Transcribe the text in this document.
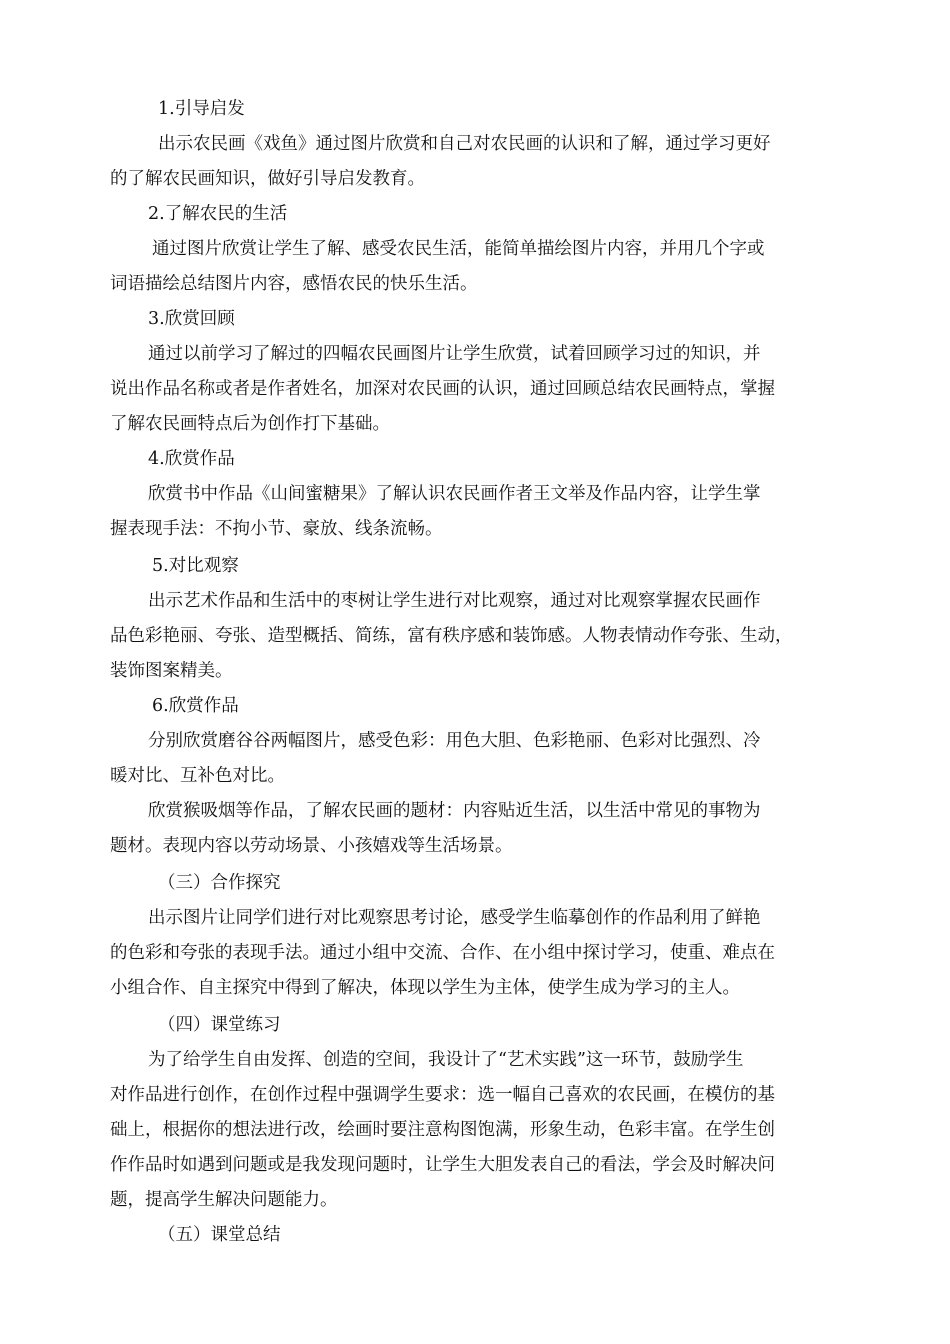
1.引导启发
出示农民画《戏鱼》通过图片欣赏和自己对农民画的认识和了解，通过学习更好
的了解农民画知识，做好引导启发教育。
2.了解农民的生活
通过图片欣赏让学生了解、感受农民生活，能简单描绘图片内容，并用几个字或
词语描绘总结图片内容，感悟农民的快乐生活。
3.欣赏回顾
通过以前学习了解过的四幅农民画图片让学生欣赏，试着回顾学习过的知识，并
说出作品名称或者是作者姓名，加深对农民画的认识，通过回顾总结农民画特点，掌握
了解农民画特点后为创作打下基础。
4.欣赏作品
欣赏书中作品《山间蜜糖果》了解认识农民画作者王文举及作品内容，让学生掌
握表现手法：不拘小节、豪放、线条流畅。
5.对比观察
出示艺术作品和生活中的枣树让学生进行对比观察，通过对比观察掌握农民画作
品色彩艳丽、夸张、造型概括、简练，富有秩序感和装饰感。人物表情动作夸张、生动，
装饰图案精美。
6.欣赏作品
分别欣赏磨谷谷两幅图片，感受色彩：用色大胆、色彩艳丽、色彩对比强烈、冷
暖对比、互补色对比。
欣赏猴吸烟等作品，了解农民画的题材：内容贴近生活，以生活中常见的事物为
题材。表现内容以劳动场景、小孩嬉戏等生活场景。
（三）合作探究
出示图片让同学们进行对比观察思考讨论，感受学生临摹创作的作品利用了鲜艳
的色彩和夸张的表现手法。通过小组中交流、合作、在小组中探讨学习，使重、难点在
小组合作、自主探究中得到了解决，体现以学生为主体，使学生成为学习的主人。
（四）课堂练习
为了给学生自由发挥、创造的空间，我设计了“艺术实践”这一环节，鼓励学生
对作品进行创作，在创作过程中强调学生要求：选一幅自己喜欢的农民画，在模仿的基
础上，根据你的想法进行改，绘画时要注意构图饱满，形象生动，色彩丰富。在学生创
作作品时如遇到问题或是我发现问题时，让学生大胆发表自己的看法，学会及时解决问
题，提高学生解决问题能力。
（五）课堂总结
